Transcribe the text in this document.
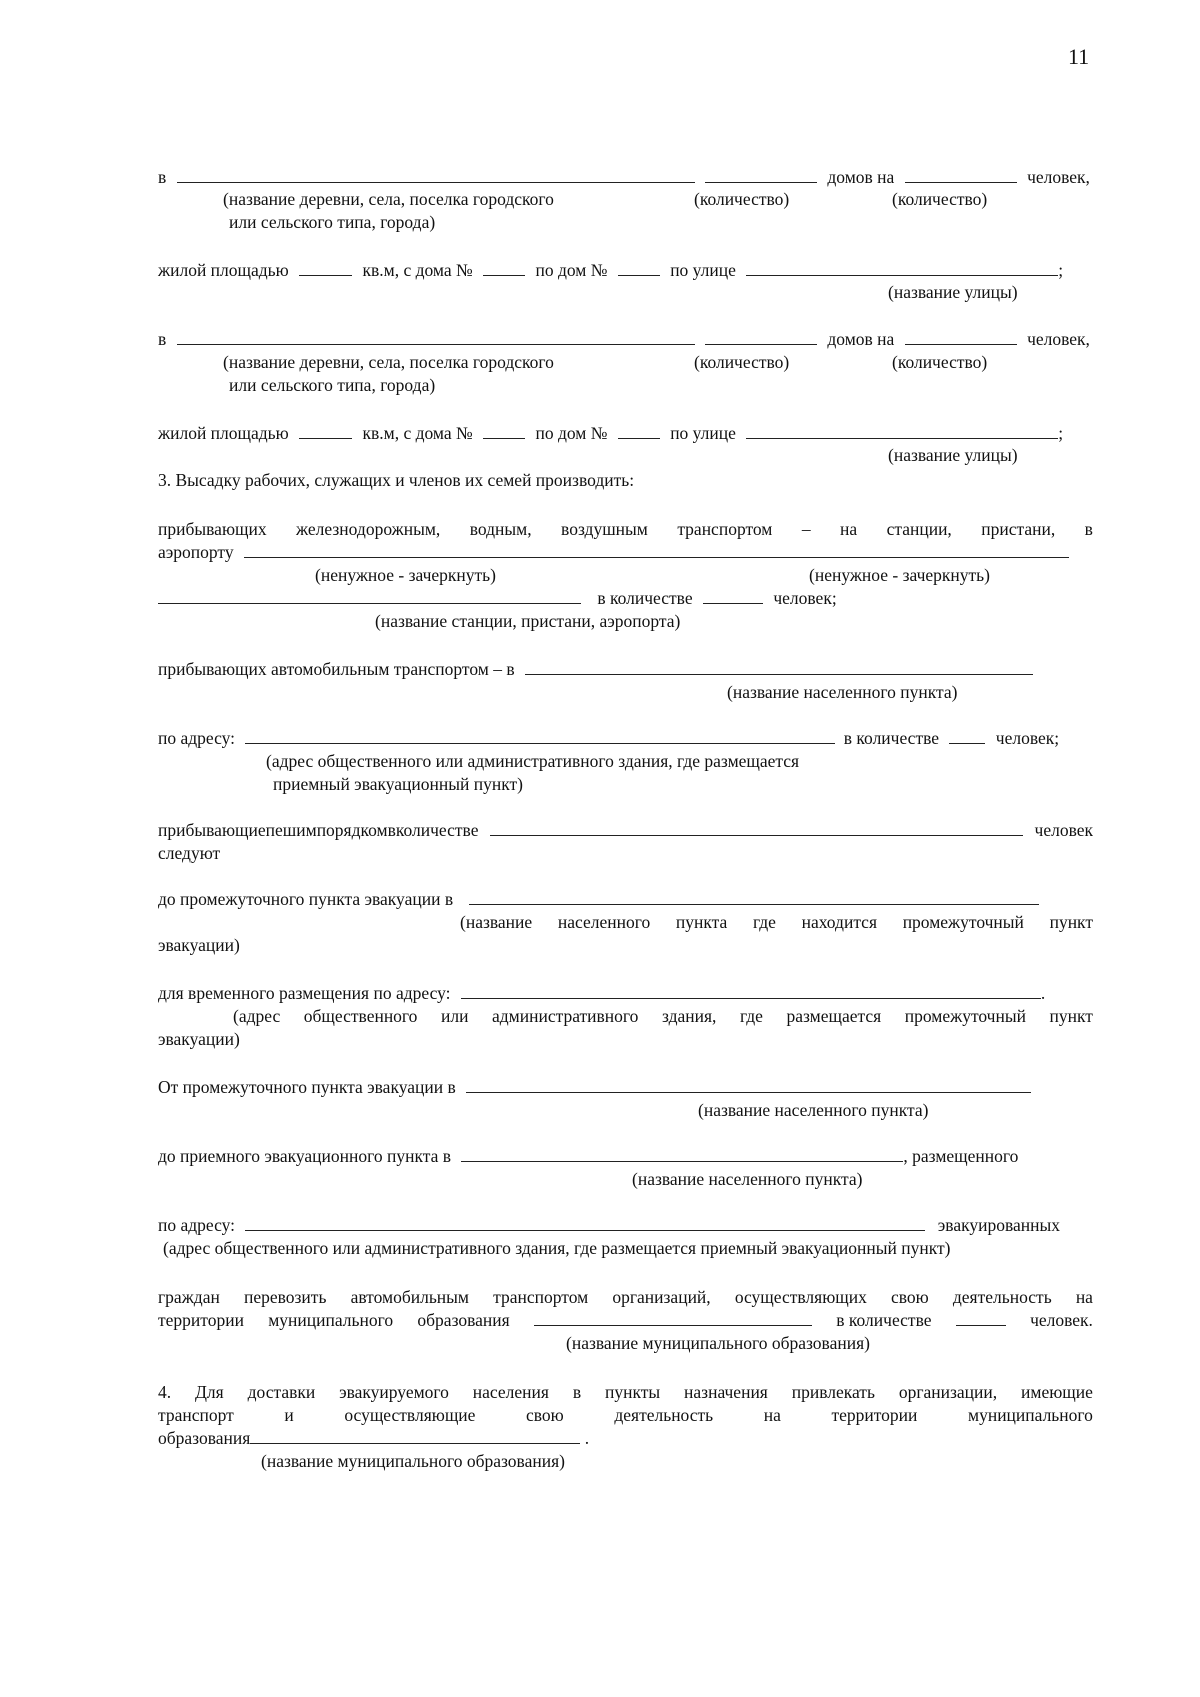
11
в	домов на	человек,
(название деревни, села, поселка городского	(количество)	(количество)
или сельского типа, города)
жилой площадью	кв.м, с дома №	по дом №	по улице	;
(название улицы)
в	домов на	человек,
(название деревни, села, поселка городского	(количество)	(количество)
или сельского типа, города)
жилой площадью	кв.м, с дома №	по дом №	по улице	;
(название улицы)
3. Высадку рабочих, служащих и членов их семей производить:
прибывающих железнодорожным, водным, воздушным транспортом – на станции, пристани, в
аэропорту
(ненужное - зачеркнуть)	(ненужное - зачеркнуть)
в количестве	человек;
(название станции, пристани, аэропорта)
прибывающих автомобильным транспортом – в
(название населенного пункта)
по адресу:	в количестве	человек;
(адрес общественного или административного здания, где размещается
приемный эвакуационный пункт)
прибывающие пешим порядком в количестве	человек
следуют
до промежуточного пункта эвакуации в
(название населенного пункта где находится промежуточный пункт
эвакуации)
для временного размещения по адресу:	.
(адрес общественного или административного здания, где размещается промежуточный пункт
эвакуации)
От промежуточного пункта эвакуации в
(название населенного пункта)
до приемного эвакуационного пункта в	, размещенного
(название населенного пункта)
по адресу:	эвакуированных
(адрес общественного или административного здания, где размещается приемный эвакуационный пункт)
граждан перевозить автомобильным транспортом организаций, осуществляющих свою деятельность на
территории муниципального образования	в количестве	человек.
(название муниципального образования)
4. Для доставки эвакуируемого населения в пункты назначения привлекать организации, имеющие
транспорт	и	осуществляющие	свою	деятельность	на	территории	муниципального
образования	.
(название муниципального образования)
